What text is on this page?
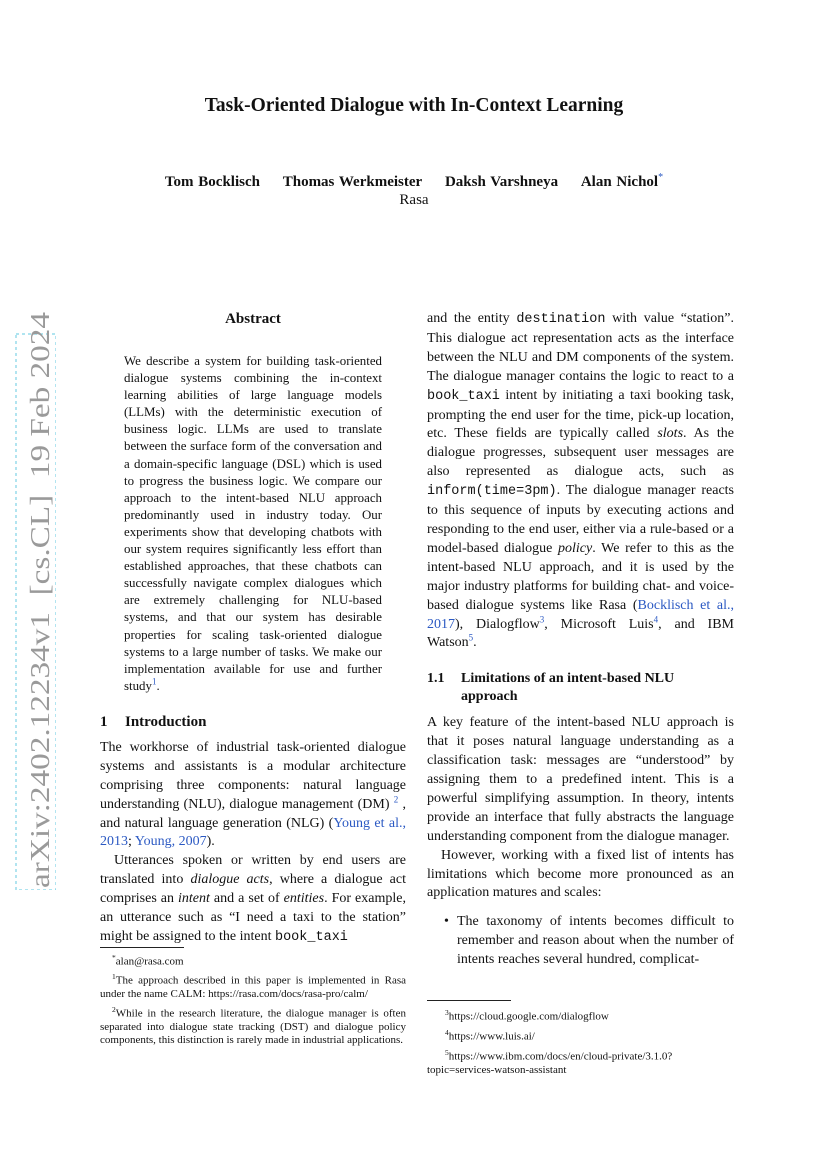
Task-Oriented Dialogue with In-Context Learning
Tom Bocklisch Thomas Werkmeister Daksh Varshneya Alan Nichol*
Rasa
arXiv:2402.12234v1  [cs.CL]  19 Feb 2024
Abstract

We describe a system for building task-oriented dialogue systems combining the in-context learning abilities of large language models (LLMs) with the deterministic execution of business logic. LLMs are used to translate between the surface form of the conversation and a domain-specific language (DSL) which is used to progress the business logic. We compare our approach to the intent-based NLU approach predominantly used in industry today. Our experiments show that developing chatbots with our system requires significantly less effort than established approaches, that these chatbots can successfully navigate complex dialogues which are extremely challenging for NLU-based systems, and that our system has desirable properties for scaling task-oriented dialogue systems to a large number of tasks. We make our implementation available for use and further study$^1$.

1 Introduction

The workhorse of industrial task-oriented dialogue systems and assistants is a modular architecture comprising three components: natural language understanding (NLU), dialogue management (DM) $^2$ , and natural language generation (NLG) (Young et al., 2013; Young, 2007).

Utterances spoken or written by end users are translated into dialogue acts, where a dialogue act comprises an intent and a set of entities. For example, an utterance such as “I need a taxi to the station” might be assigned to the intent book_taxi

*alan@rasa.com

$^1$The approach described in this paper is implemented in Rasa under the name CALM: https://rasa.com/docs/rasa-pro/calm/

$^2$While in the research literature, the dialogue manager is often separated into dialogue state tracking (DST) and dialogue policy components, this distinction is rarely made in industrial applications.

and the entity destination with value “station”. This dialogue act representation acts as the interface between the NLU and DM components of the system. The dialogue manager contains the logic to react to a book_taxi intent by initiating a taxi booking task, prompting the end user for the time, pick-up location, etc. These fields are typically called slots. As the dialogue progresses, subsequent user messages are also represented as dialogue acts, such as inform(time=3pm). The dialogue manager reacts to this sequence of inputs by executing actions and responding to the end user, either via a rule-based or a model-based dialogue policy. We refer to this as the intent-based NLU approach, and it is used by the major industry platforms for building chat- and voice-based dialogue systems like Rasa (Bocklisch et al., 2017), Dialogflow$^3$, Microsoft Luis$^4$, and IBM Watson$^5$.

1.1	Limitations of an intent-based NLU approach

A key feature of the intent-based NLU approach is that it poses natural language understanding as a classification task: messages are “understood” by assigning them to a predefined intent. This is a powerful simplifying assumption. In theory, intents provide an interface that fully abstracts the language understanding component from the dialogue manager.

However, working with a fixed list of intents has limitations which become more pronounced as an application matures and scales:

• The taxonomy of intents becomes difficult to remember and reason about when the number of intents reaches several hundred, complicat-

$^3$https://cloud.google.com/dialogflow

$^4$https://www.luis.ai/

$^5$https://www.ibm.com/docs/en/cloud-private/3.1.0?topic=services-watson-assistant
